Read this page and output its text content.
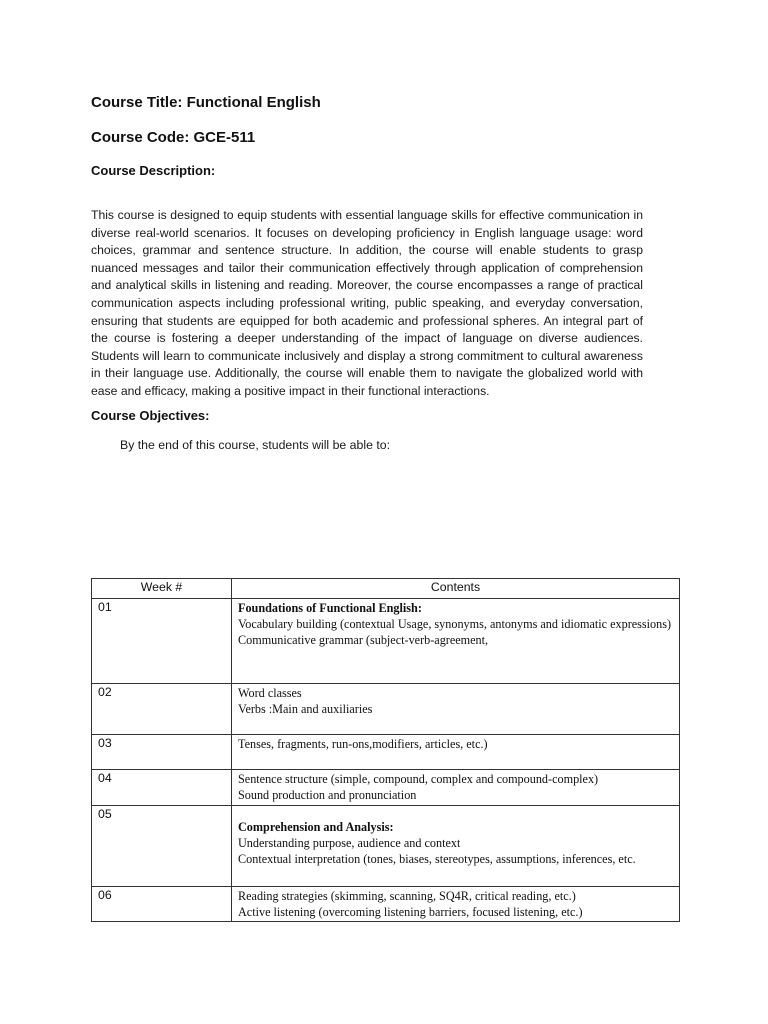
Course Title: Functional English
Course Code: GCE-511
Course Description:

This course is designed to equip students with essential language skills for effective communication in diverse real-world scenarios. It focuses on developing proficiency in English language usage: word choices, grammar and sentence structure. In addition, the course will enable students to grasp nuanced messages and tailor their communication effectively through application of comprehension and analytical skills in listening and reading. Moreover, the course encompasses a range of practical communication aspects including professional writing, public speaking, and everyday conversation, ensuring that students are equipped for both academic and professional spheres. An integral part of the course is fostering a deeper understanding of the impact of language on diverse audiences. Students will learn to communicate inclusively and display a strong commitment to cultural awareness in their language use. Additionally, the course will enable them to navigate the globalized world with ease and efficacy, making a positive impact in their functional interactions.

Course Objectives:

By the end of this course, students will be able to:

Week #	Contents
01	Foundations of Functional English:
Vocabulary building (contextual Usage, synonyms, antonyms and idiomatic expressions)
Communicative grammar (subject-verb-agreement,

02	Word classes
Verbs :Main and auxiliaries

03	Tenses, fragments, run-ons,modifiers, articles, etc.)

04	Sentence structure (simple, compound, complex and compound-complex)
Sound production and pronunciation

05	Comprehension and Analysis:
Understanding purpose, audience and context
Contextual interpretation (tones, biases, stereotypes, assumptions, inferences, etc.

06	Reading strategies (skimming, scanning, SQ4R, critical reading, etc.)
Active listening (overcoming listening barriers, focused listening, etc.)
